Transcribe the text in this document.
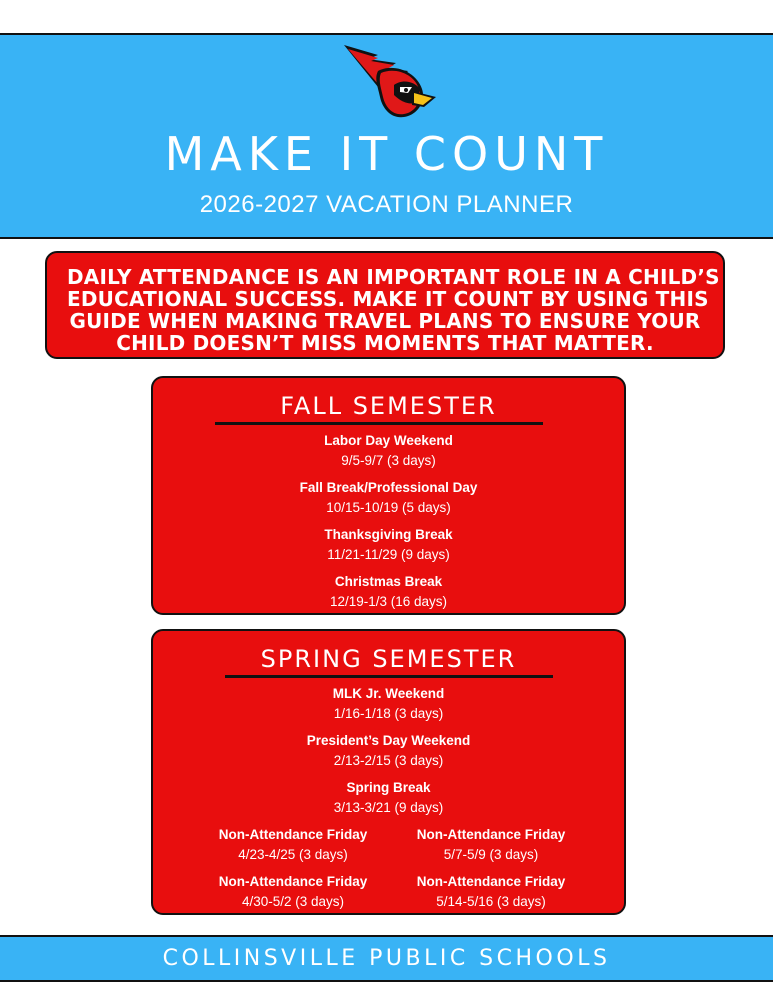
MAKE IT COUNT
2026-2027 VACATION PLANNER
DAILY ATTENDANCE IS AN IMPORTANT ROLE IN A CHILD’S
EDUCATIONAL SUCCESS. MAKE IT COUNT BY USING THIS
GUIDE WHEN MAKING TRAVEL PLANS TO ENSURE YOUR
CHILD DOESN’T MISS MOMENTS THAT MATTER.
FALL SEMESTER
Labor Day Weekend
9/5-9/7 (3 days)
Fall Break/Professional Day
10/15-10/19 (5 days)
Thanksgiving Break
11/21-11/29 (9 days)
Christmas Break
12/19-1/3 (16 days)
SPRING SEMESTER
MLK Jr. Weekend
1/16-1/18 (3 days)
President’s Day Weekend
2/13-2/15 (3 days)
Spring Break
3/13-3/21 (9 days)
Non-Attendance Friday
4/23-4/25 (3 days)
Non-Attendance Friday
5/7-5/9 (3 days)
Non-Attendance Friday
4/30-5/2 (3 days)
Non-Attendance Friday
5/14-5/16 (3 days)
COLLINSVILLE PUBLIC SCHOOLS
